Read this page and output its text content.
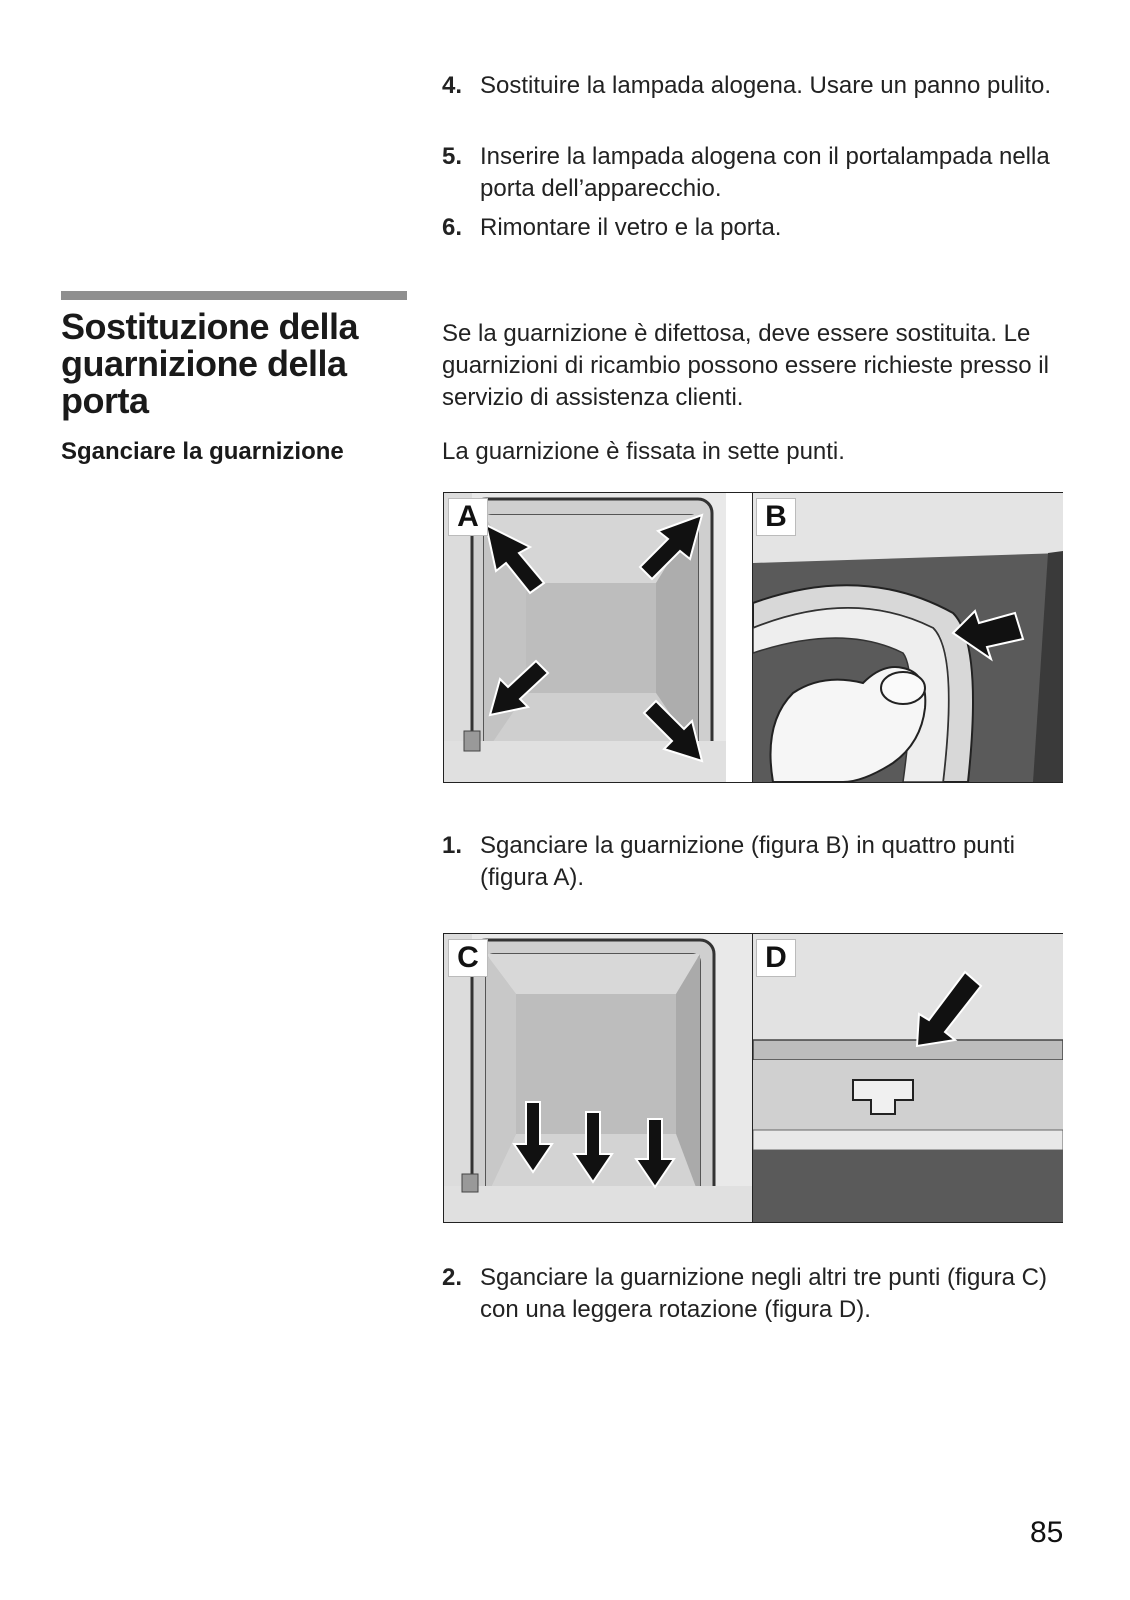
4. Sostituire la lampada alogena. Usare un panno pulito.
5. Inserire la lampada alogena con il portalampada nella porta dell’apparecchio.
6. Rimontare il vetro e la porta.
Sostituzione della guarnizione della porta
Sganciare la guarnizione
Se la guarnizione è difettosa, deve essere sostituita. Le guarnizioni di ricambio possono essere richieste presso il servizio di assistenza clienti.
La guarnizione è fissata in sette punti.
A	B
1. Sganciare la guarnizione (figura B) in quattro punti (figura A).
C	D
2. Sganciare la guarnizione negli altri tre punti (figura C) con una leggera rotazione (figura D).
85
